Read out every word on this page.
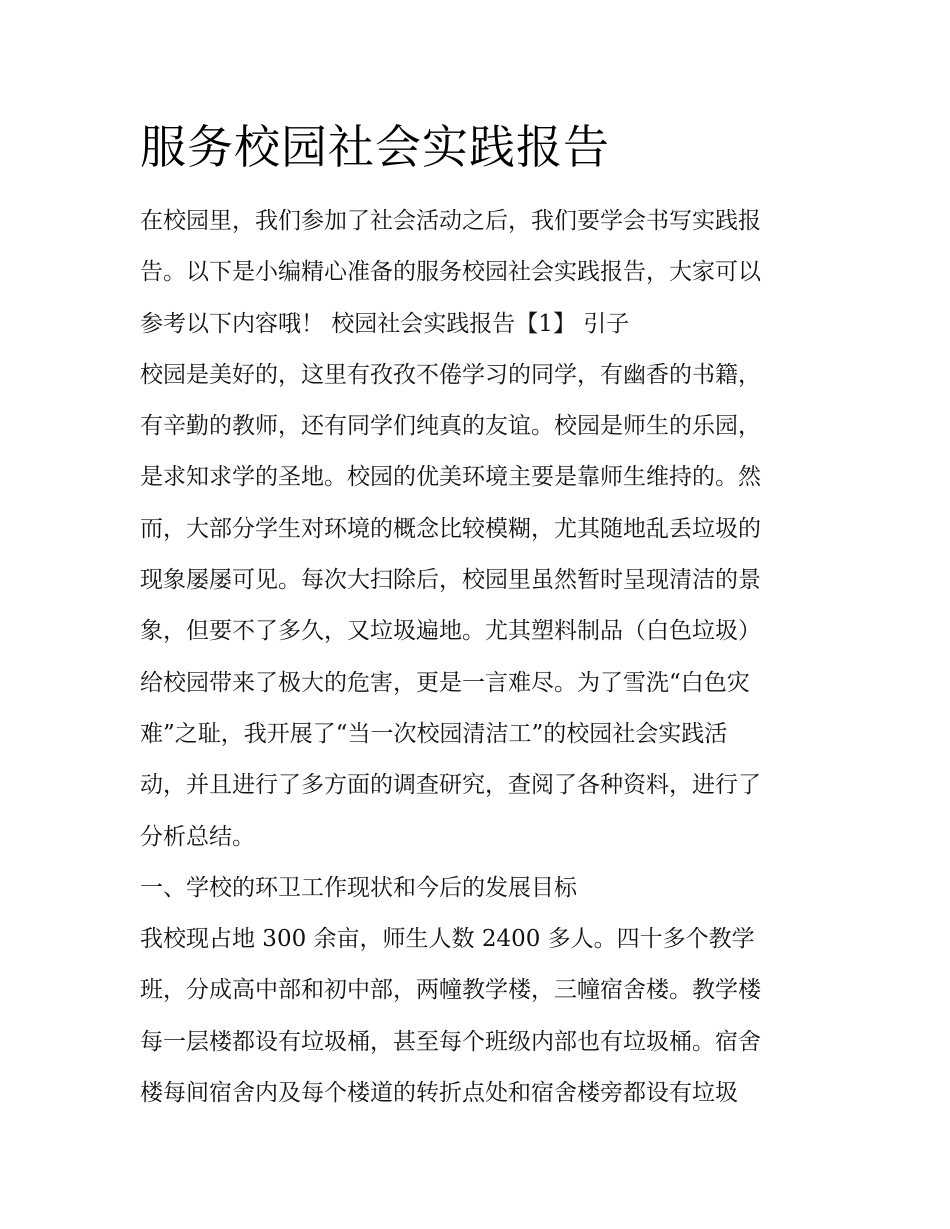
服务校园社会实践报告
在校园里，我们参加了社会活动之后，我们要学会书写实践报
告。以下是小编精心准备的服务校园社会实践报告，大家可以
参考以下内容哦！ 校园社会实践报告【1】 引子
校园是美好的，这里有孜孜不倦学习的同学，有幽香的书籍，
有辛勤的教师，还有同学们纯真的友谊。校园是师生的乐园，
是求知求学的圣地。校园的优美环境主要是靠师生维持的。然
而，大部分学生对环境的概念比较模糊，尤其随地乱丢垃圾的
现象屡屡可见。每次大扫除后，校园里虽然暂时呈现清洁的景
象，但要不了多久，又垃圾遍地。尤其塑料制品（白色垃圾）
给校园带来了极大的危害，更是一言难尽。为了雪洗“白色灾
难”之耻，我开展了“当一次校园清洁工”的校园社会实践活
动，并且进行了多方面的调查研究，查阅了各种资料，进行了
分析总结。
一、学校的环卫工作现状和今后的发展目标
我校现占地 300 余亩，师生人数 2400 多人。四十多个教学
班，分成高中部和初中部，两幢教学楼，三幢宿舍楼。教学楼
每一层楼都设有垃圾桶，甚至每个班级内部也有垃圾桶。宿舍
楼每间宿舍内及每个楼道的转折点处和宿舍楼旁都设有垃圾
